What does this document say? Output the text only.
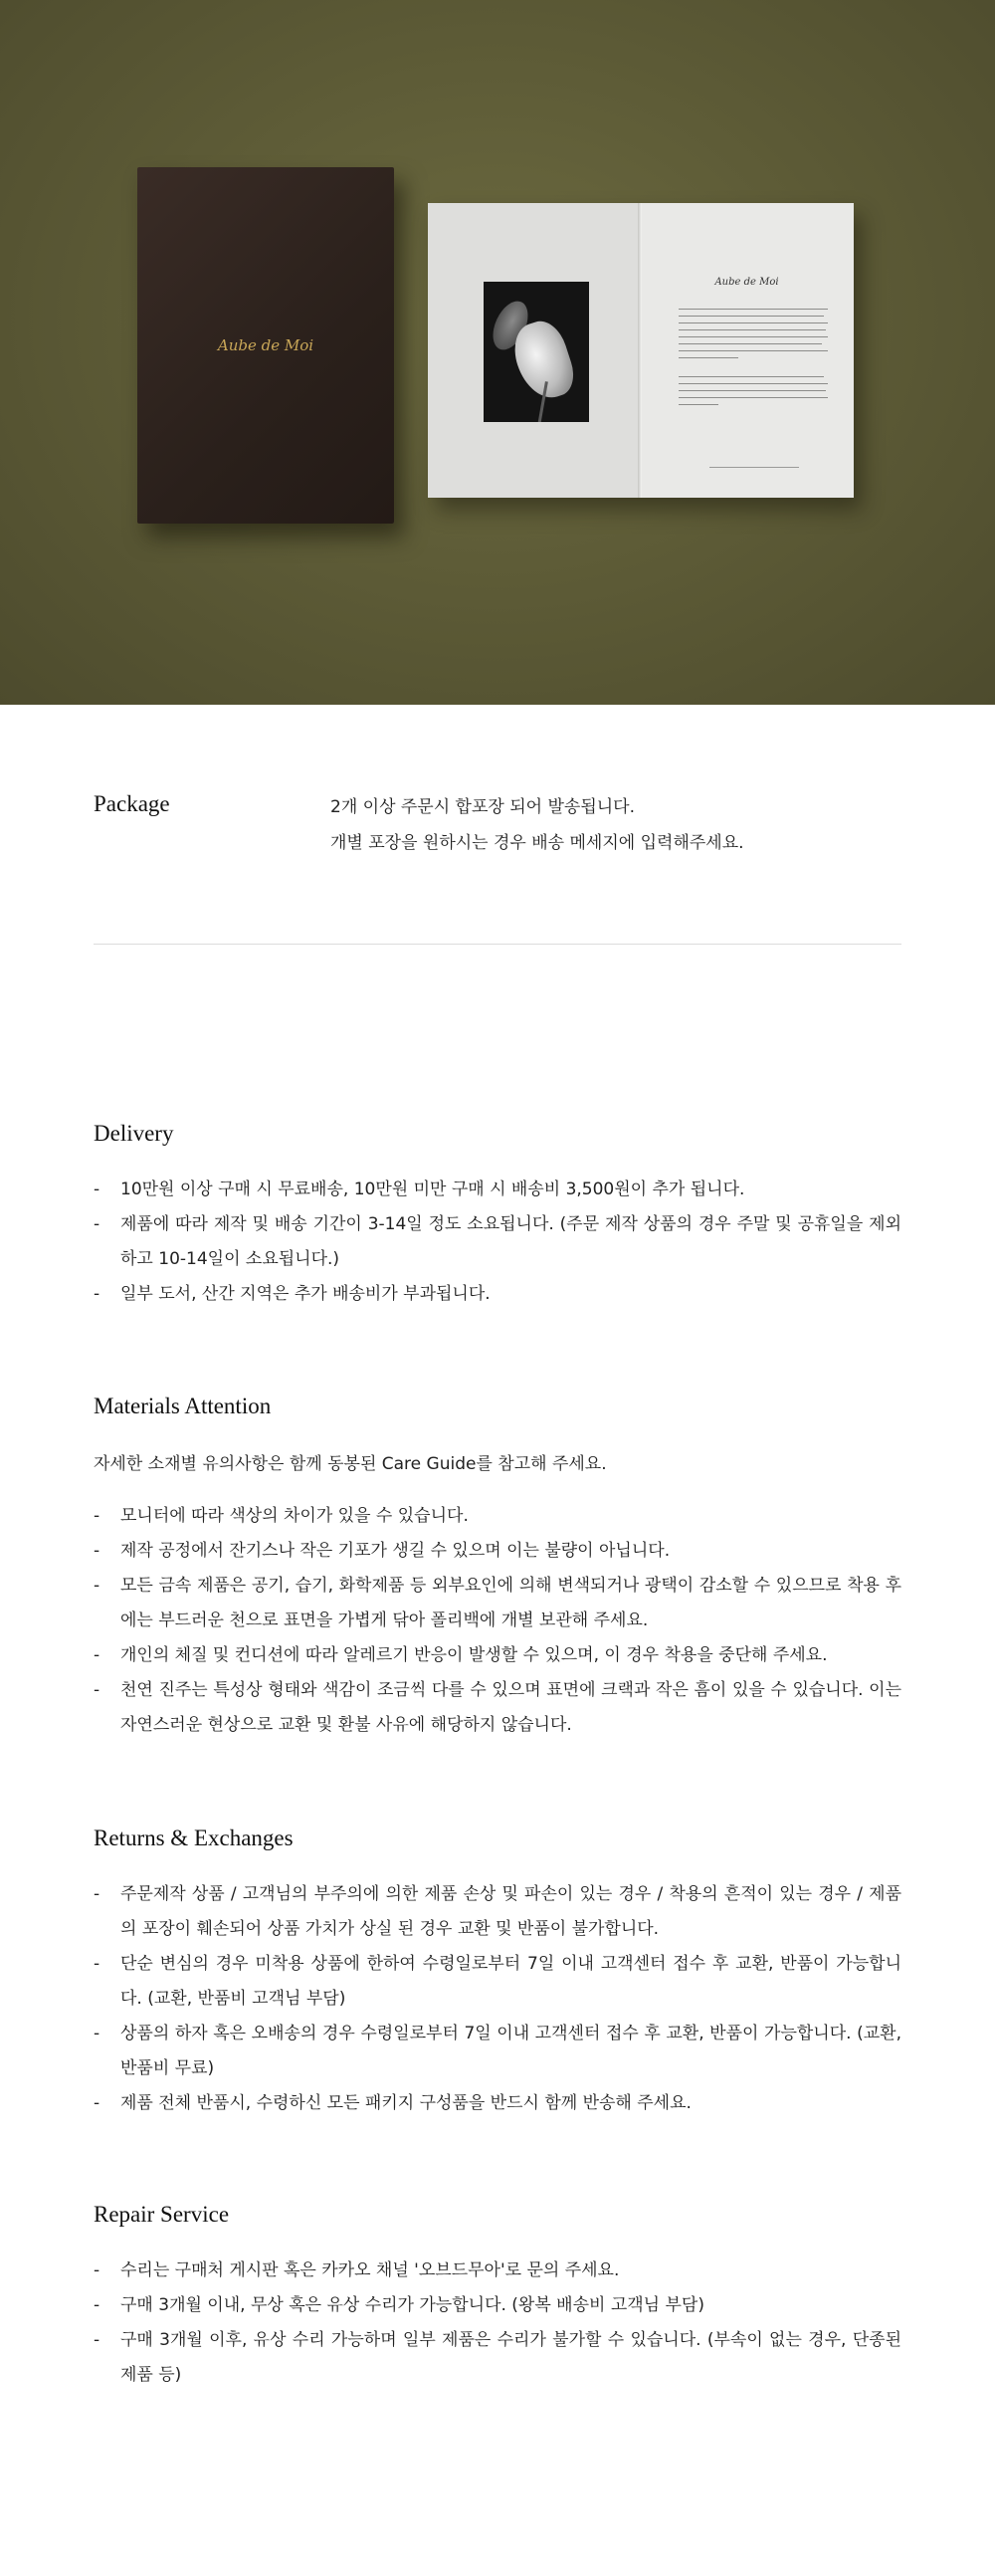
Aube de Moi
Aube de Moi
Package	2개 이상 주문시 합포장 되어 발송됩니다.

개별 포장을 원하시는 경우 배송 메세지에 입력해주세요.

Delivery
- 10만원 이상 구매 시 무료배송, 10만원 미만 구매 시 배송비 3,500원이 추가 됩니다.
- 제품에 따라 제작 및 배송 기간이 3-14일 정도 소요됩니다. (주문 제작 상품의 경우 주말 및 공휴일을 제외하고 10-14일이 소요됩니다.)
- 일부 도서, 산간 지역은 추가 배송비가 부과됩니다.
Materials Attention

자세한 소재별 유의사항은 함께 동봉된 Care Guide를 참고해 주세요.

- 모니터에 따라 색상의 차이가 있을 수 있습니다.
- 제작 공정에서 잔기스나 작은 기포가 생길 수 있으며 이는 불량이 아닙니다.
- 모든 금속 제품은 공기, 습기, 화학제품 등 외부요인에 의해 변색되거나 광택이 감소할 수 있으므로 착용 후에는 부드러운 천으로 표면을 가볍게 닦아 폴리백에 개별 보관해 주세요.
- 개인의 체질 및 컨디션에 따라 알레르기 반응이 발생할 수 있으며, 이 경우 착용을 중단해 주세요.
- 천연 진주는 특성상 형태와 색감이 조금씩 다를 수 있으며 표면에 크랙과 작은 흠이 있을 수 있습니다. 이는 자연스러운 현상으로 교환 및 환불 사유에 해당하지 않습니다.
Returns & Exchanges
- 주문제작 상품 / 고객님의 부주의에 의한 제품 손상 및 파손이 있는 경우 / 착용의 흔적이 있는 경우 / 제품의 포장이 훼손되어 상품 가치가 상실 된 경우 교환 및 반품이 불가합니다.
- 단순 변심의 경우 미착용 상품에 한하여 수령일로부터 7일 이내 고객센터 접수 후 교환, 반품이 가능합니다. (교환, 반품비 고객님 부담)
- 상품의 하자 혹은 오배송의 경우 수령일로부터 7일 이내 고객센터 접수 후 교환, 반품이 가능합니다. (교환, 반품비 무료)
- 제품 전체 반품시, 수령하신 모든 패키지 구성품을 반드시 함께 반송해 주세요.
Repair Service
- 수리는 구매처 게시판 혹은 카카오 채널 '오브드무아'로 문의 주세요.
- 구매 3개월 이내, 무상 혹은 유상 수리가 가능합니다. (왕복 배송비 고객님 부담)
- 구매 3개월 이후, 유상 수리 가능하며 일부 제품은 수리가 불가할 수 있습니다. (부속이 없는 경우, 단종된 제품 등)
